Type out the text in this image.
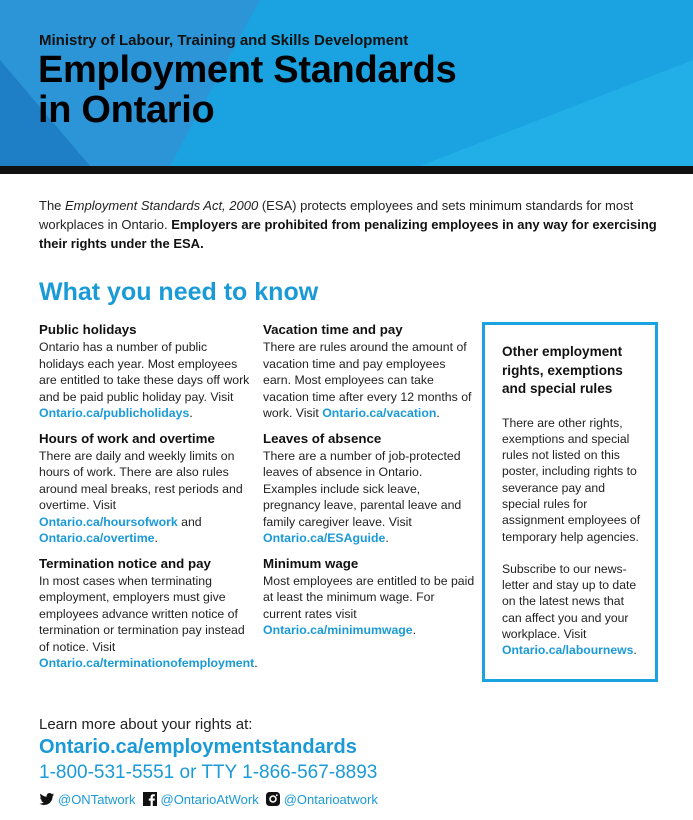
Ministry of Labour, Training and Skills Development
Employment Standards
in Ontario
The Employment Standards Act, 2000 (ESA) protects employees and sets minimum standards for most workplaces in Ontario. Employers are prohibited from penalizing employees in any way for exercising their rights under the ESA.
What you need to know
Public holidays

Ontario has a number of public holidays each year. Most employees are entitled to take these days off work and be paid public holiday pay. Visit Ontario.ca/publicholidays.

Hours of work and overtime

There are daily and weekly limits on hours of work. There are also rules around meal breaks, rest periods and overtime. Visit Ontario.ca/hoursofwork and Ontario.ca/overtime.

Termination notice and pay

In most cases when terminating employment, employers must give employees advance written notice of termination or termination pay instead of notice. Visit Ontario.ca/terminationofemployment.

Vacation time and pay

There are rules around the amount of vacation time and pay employees earn. Most employees can take vacation time after every 12 months of work. Visit Ontario.ca/vacation.

Leaves of absence

There are a number of job-protected leaves of absence in Ontario. Examples include sick leave, pregnancy leave, parental leave and family caregiver leave. Visit Ontario.ca/ESAguide.

Minimum wage

Most employees are entitled to be paid at least the minimum wage. For current rates visit Ontario.ca/minimumwage.

Other employment rights, exemptions and special rules

There are other rights, exemptions and special rules not listed on this poster, including rights to severance pay and special rules for assignment employees of temporary help agencies.

Subscribe to our news-letter and stay up to date on the latest news that can affect you and your workplace. Visit Ontario.ca/labournews.

Learn more about your rights at:
Ontario.ca/employmentstandards
1-800-531-5551 or TTY 1-866-567-8893
@ONTatwork @OntarioAtWork @Ontarioatwork
